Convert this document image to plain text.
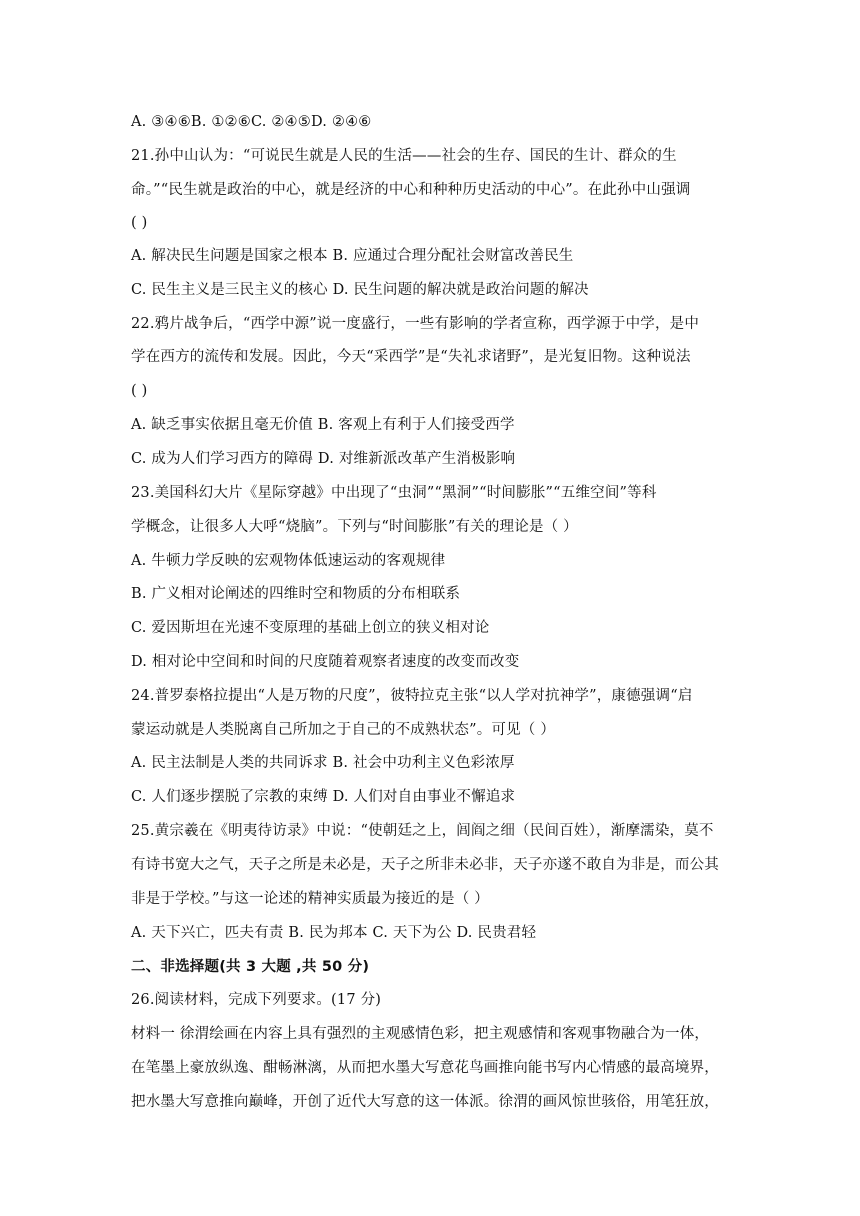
A. ③④⑥B. ①②⑥C. ②④⑤D. ②④⑥
21.孙中山认为：“可说民生就是人民的生活——社会的生存、国民的生计、群众的生
命。”“民生就是政治的中心，就是经济的中心和种种历史活动的中心”。在此孙中山强调
( )
A. 解决民生问题是国家之根本 B. 应通过合理分配社会财富改善民生
C. 民生主义是三民主义的核心 D. 民生问题的解决就是政治问题的解决
22.鸦片战争后，“西学中源”说一度盛行，一些有影响的学者宣称，西学源于中学，是中
学在西方的流传和发展。因此，今天“采西学”是“失礼求诸野”，是光复旧物。这种说法
( )
A. 缺乏事实依据且毫无价值 B. 客观上有利于人们接受西学
C. 成为人们学习西方的障碍 D. 对维新派改革产生消极影响
23.美国科幻大片《星际穿越》中出现了“虫洞”“黑洞”“时间膨胀”“五维空间”等科
学概念，让很多人大呼“烧脑”。下列与“时间膨胀”有关的理论是（ ）
A. 牛顿力学反映的宏观物体低速运动的客观规律
B. 广义相对论阐述的四维时空和物质的分布相联系
C. 爱因斯坦在光速不变原理的基础上创立的狭义相对论
D. 相对论中空间和时间的尺度随着观察者速度的改变而改变
24.普罗泰格拉提出“人是万物的尺度”，彼特拉克主张“以人学对抗神学”，康德强调“启
蒙运动就是人类脱离自己所加之于自己的不成熟状态”。可见（ ）
A. 民主法制是人类的共同诉求 B. 社会中功利主义色彩浓厚
C. 人们逐步摆脱了宗教的束缚 D. 人们对自由事业不懈追求
25.黄宗羲在《明夷待访录》中说：“使朝廷之上，闾阎之细（民间百姓），渐摩濡染，莫不
有诗书宽大之气，天子之所是未必是，天子之所非未必非，天子亦遂不敢自为非是，而公其
非是于学校。”与这一论述的精神实质最为接近的是（ ）
A. 天下兴亡，匹夫有责 B. 民为邦本 C. 天下为公 D. 民贵君轻
二、非选择题(共 3 大题 ,共 50 分)
26.阅读材料，完成下列要求。(17 分)
材料一 徐渭绘画在内容上具有强烈的主观感情色彩，把主观感情和客观事物融合为一体，
在笔墨上豪放纵逸、酣畅淋漓，从而把水墨大写意花鸟画推向能书写内心情感的最高境界，
把水墨大写意推向巅峰，开创了近代大写意的这一体派。徐渭的画风惊世骇俗，用笔狂放，
